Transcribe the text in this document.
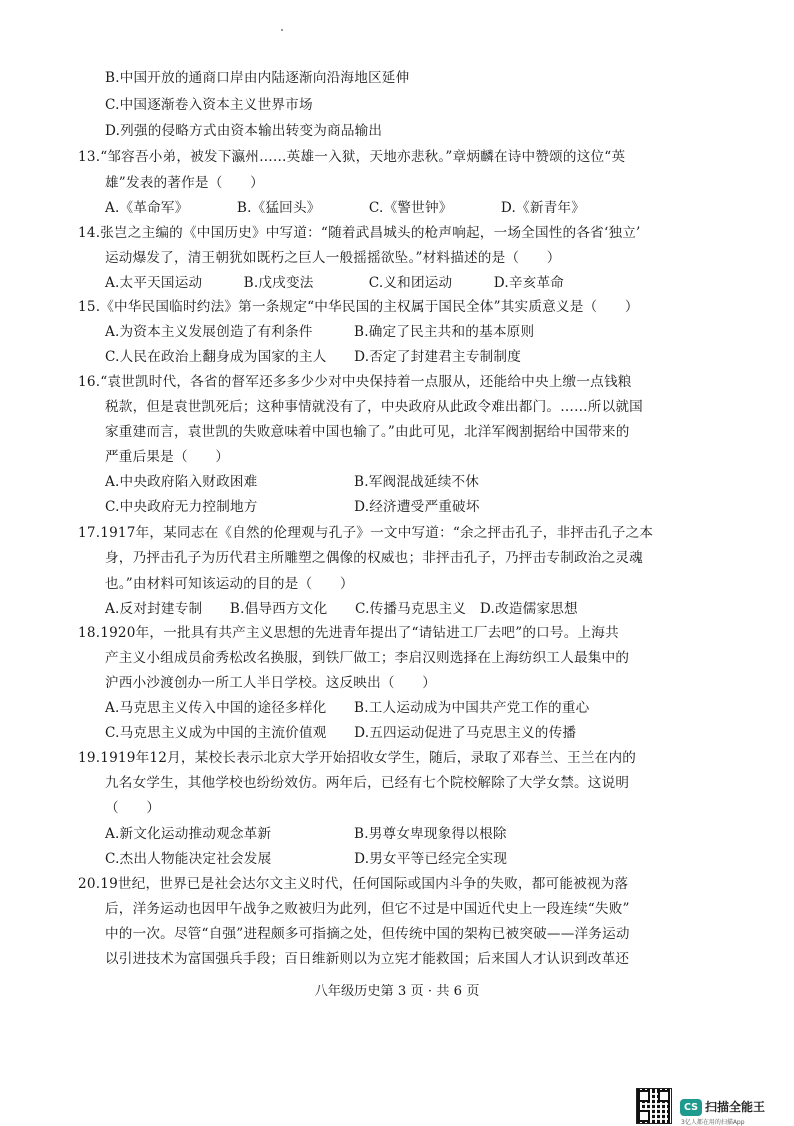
B.中国开放的通商口岸由内陆逐渐向沿海地区延伸
C.中国逐渐卷入资本主义世界市场
D.列强的侵略方式由资本输出转变为商品输出
13.“邹容吾小弟，被发下瀛州……英雄一入狱，天地亦悲秋。”章炳麟在诗中赞颂的这位“英
雄”发表的著作是（　　）
A.《革命军》　　　　B.《猛回头》　　　　C.《警世钟》　　　　D.《新青年》
14.张岂之主编的《中国历史》中写道：“随着武昌城头的枪声响起，一场全国性的各省‘独立’
运动爆发了，清王朝犹如既朽之巨人一般摇摇欲坠。”材料描述的是（　　）
A.太平天国运动　　　B.戊戌变法　　　　C.义和团运动　　　D.辛亥革命
15.《中华民国临时约法》第一条规定“中华民国的主权属于国民全体”其实质意义是（　　）
A.为资本主义发展创造了有利条件　　　B.确定了民主共和的基本原则
C.人民在政治上翻身成为国家的主人　　D.否定了封建君主专制制度
16.“袁世凯时代，各省的督军还多多少少对中央保持着一点服从，还能给中央上缴一点钱粮
税款，但是袁世凯死后；这种事情就没有了，中央政府从此政令难出都门。……所以就国
家重建而言，袁世凯的失败意味着中国也输了。”由此可见，北洋军阀割据给中国带来的
严重后果是（　　）
A.中央政府陷入财政困难　　　　　　　B.军阀混战延续不休
C.中央政府无力控制地方　　　　　　　D.经济遭受严重破坏
17.1917年，某同志在《自然的伦理观与孔子》一文中写道：“余之抨击孔子，非抨击孔子之本
身，乃抨击孔子为历代君主所雕塑之偶像的权威也；非抨击孔子，乃抨击专制政治之灵魂
也。”由材料可知该运动的目的是（　　）
A.反对封建专制　　B.倡导西方文化　　C.传播马克思主义　D.改造儒家思想
18.1920年，一批具有共产主义思想的先进青年提出了“请钻进工厂去吧”的口号。上海共
产主义小组成员俞秀松改名换服，到铁厂做工；李启汉则选择在上海纺织工人最集中的
沪西小沙渡创办一所工人半日学校。这反映出（　　）
A.马克思主义传入中国的途径多样化　　B.工人运动成为中国共产党工作的重心
C.马克思主义成为中国的主流价值观　　D.五四运动促进了马克思主义的传播
19.1919年12月，某校长表示北京大学开始招收女学生，随后，录取了邓春兰、王兰在内的
九名女学生，其他学校也纷纷效仿。两年后，已经有七个院校解除了大学女禁。这说明
（　　）
A.新文化运动推动观念革新　　　　　　B.男尊女卑现象得以根除
C.杰出人物能决定社会发展　　　　　　D.男女平等已经完全实现
20.19世纪，世界已是社会达尔文主义时代，任何国际或国内斗争的失败，都可能被视为落
后，洋务运动也因甲午战争之败被归为此列，但它不过是中国近代史上一段连续“失败”
中的一次。尽管“自强”进程颇多可指摘之处，但传统中国的架构已被突破——洋务运动
以引进技术为富国强兵手段；百日维新则以为立宪才能救国；后来国人才认识到改革还
八年级历史第 3 页 · 共 6 页
CS 扫描全能王
3亿人都在用的扫描App
